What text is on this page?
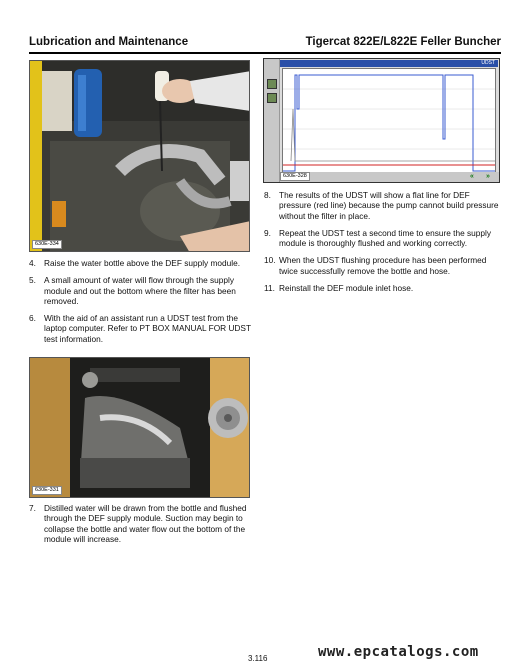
Lubrication and Maintenance	Tigercat 822E/L822E Feller Buncher
630E-334
4. Raise the water bottle above the DEF supply module.
5. A small amount of water will flow through the supply module and out the bottom where the filter has been removed.
6. With the aid of an assistant run a UDST test from the laptop computer. Refer to PT BOX MANUAL FOR UDST test information.
630E-331
7. Distilled water will be drawn from the bottle and flushed through the DEF supply module. Suction may begin to collapse the bottle and water flow out the bottom of the module will increase.
UDST
630E-328	«	»
8. The results of the UDST will show a flat line for DEF pressure (red line) because the pump cannot build pressure without the filter in place.
9. Repeat the UDST test a second time to ensure the supply module is thoroughly flushed and working correctly.
10. When the UDST flushing procedure has been performed twice successfully remove the bottle and hose.
11. Reinstall the DEF module inlet hose.
3.116	www.epcatalogs.com
